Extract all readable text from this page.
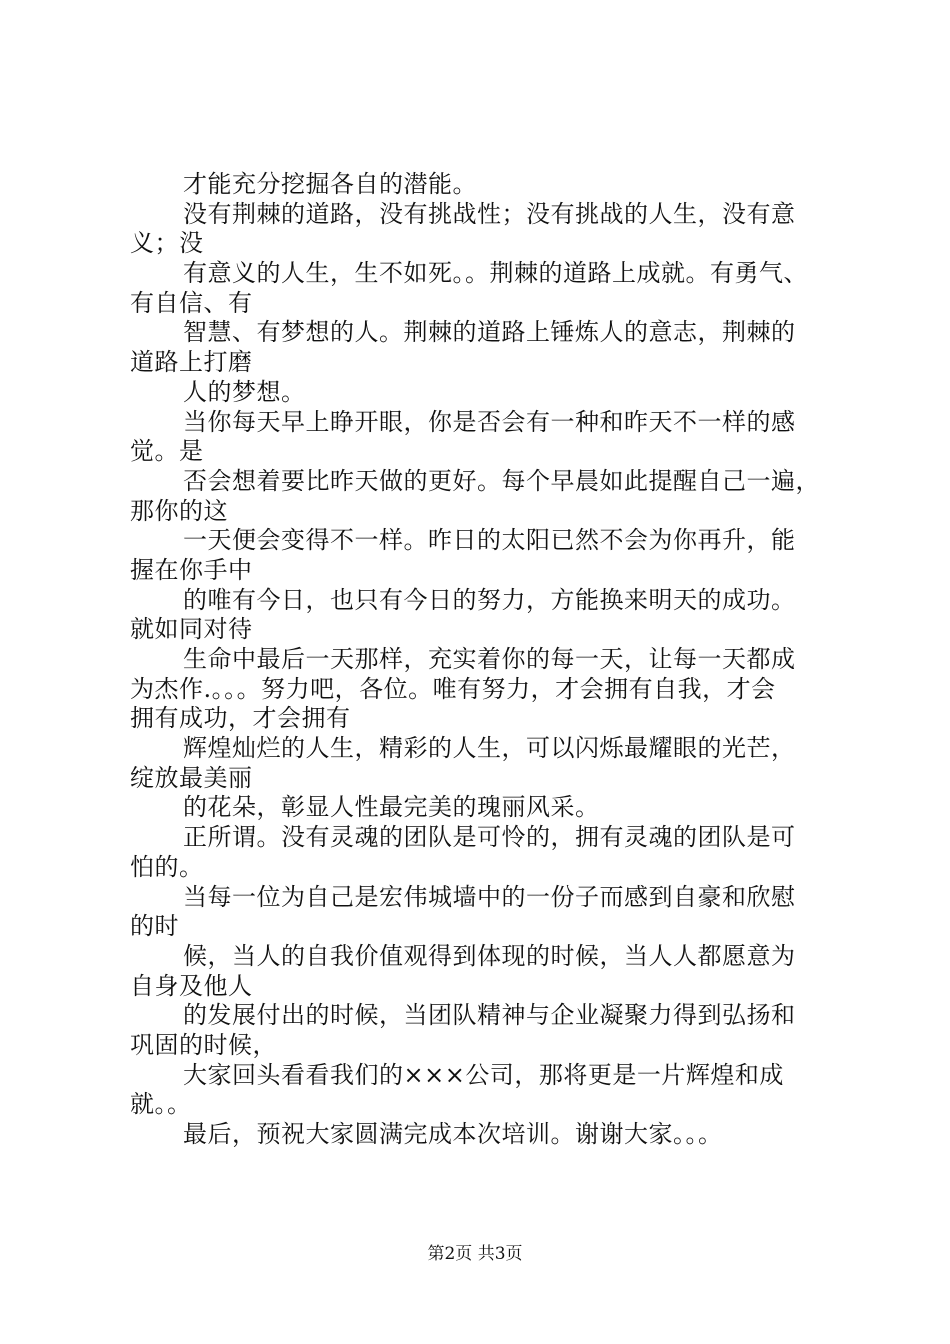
才能充分挖掘各自的潜能。
没有荆棘的道路，没有挑战性；没有挑战的人生，没有意
义；没
有意义的人生，生不如死。。荆棘的道路上成就。有勇气、
有自信、有
智慧、有梦想的人。荆棘的道路上锤炼人的意志，荆棘的
道路上打磨
人的梦想。
当你每天早上睁开眼，你是否会有一种和昨天不一样的感
觉。是
否会想着要比昨天做的更好。每个早晨如此提醒自己一遍，
那你的这
一天便会变得不一样。昨日的太阳已然不会为你再升，能
握在你手中
的唯有今日，也只有今日的努力，方能换来明天的成功。
就如同对待
生命中最后一天那样，充实着你的每一天，让每一天都成
为杰作.。。。努力吧，各位。唯有努力，才会拥有自我，才会
拥有成功，才会拥有
辉煌灿烂的人生，精彩的人生，可以闪烁最耀眼的光芒，
绽放最美丽
的花朵，彰显人性最完美的瑰丽风采。
正所谓。没有灵魂的团队是可怜的，拥有灵魂的团队是可
怕的。
当每一位为自己是宏伟城墙中的一份子而感到自豪和欣慰
的时
候，当人的自我价值观得到体现的时候，当人人都愿意为
自身及他人
的发展付出的时候，当团队精神与企业凝聚力得到弘扬和
巩固的时候，
大家回头看看我们的×××公司，那将更是一片辉煌和成
就。。
最后，预祝大家圆满完成本次培训。谢谢大家。。。
第2页 共3页
